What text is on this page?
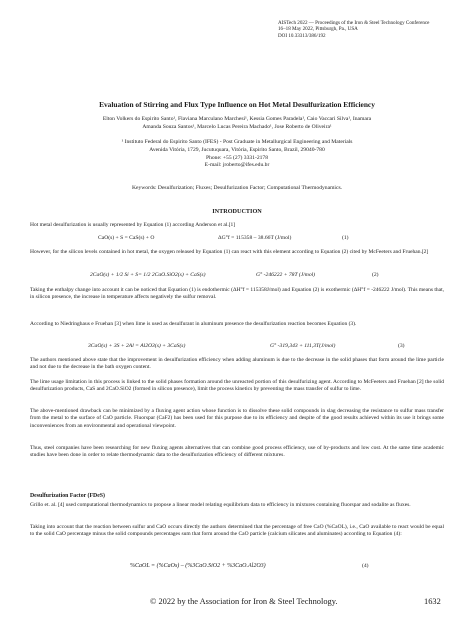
AISTech 2022 — Proceedings of the Iron & Steel Technology Conference
16–18 May 2022, Pittsburgh, Pa., USA
DOI 10.33313/386/192
Evaluation of Stirring and Flux Type Influence on Hot Metal Desulfurization Efficiency
Elton Volkers do Espirito Santo¹, Flaviana Marculano Marchesi¹, Kessia Gomes Paradela¹, Caio Vaccari Silva¹, Inamara
Amanda Souza Santos¹, Marcelo Lucas Pereira Machado¹, Jose Roberto de Oliveira¹
¹ Instituto Federal do Espirito Santo (IFES) - Post Graduate in Metallurgical Engineering and Materials
Avenida Vitória, 1729, Jucutuquara, Vitória, Espirito Santo, Brazil, 29040-780
Phone: +55 (27) 3331-2178
E-mail: jroberto@ifes.edu.br
Keywords: Desulfurization; Fluxes; Desulfurization Factor; Computational Thermodynamics.
INTRODUCTION
Hot metal desulfurization is usually represented by Equation (1) according Anderson et al.[1]
CaO(s) + S = CaS(s) + O	ΔG°f = 115358 – 38.66T (J/mol)	(1)
However, for the silicon levels contained in hot metal, the oxygen released by Equation (1) can react with this element according to Equation (2) cited by McFeeters and Fruehan.[2]
2CaO(s) + 1/2 Si + S= 1/2 2CaO.SiO2(s) + CaS(s)	G° -246222 + 78T (J/mol)	(2)
Taking the enthalpy change into account it can be noticed that Equation (1) is endothermic (ΔH°f = 115358J/mol) and Equation (2) is exothermic (ΔH°f = -246222 J/mol). This means that, in silicon presence, the increase in temperature affects negatively the sulfur removal.
According to Niedringhaus e Fruehan [3] when lime is used as desulfurant in aluminum presence the desulfurization reaction becomes Equation (3).
3CaO(s) + 3S + 2Al = Al2O3(s) + 3CaS(s)	G° -319,343 + 111,3T(J/mol)	(3)
The authors mentioned above state that the improvement in desulfurization efficiency when adding aluminum is due to the decrease in the solid phases that form around the lime particle and not due to the decrease in the bath oxygen content.
The lime usage limitation in this process is linked to the solid phases formation around the unreacted portion of this desulfurizing agent. According to McFeeters and Fruehan [2] the solid desulfurization products, CaS and 2CaO.SiO2 (formed in silicon presence), limit the process kinetics by preventing the mass transfer of sulfur to lime.
The above-mentioned drawback can be minimized by a fluxing agent action whose function is to dissolve these solid compounds in slag decreasing the resistance to sulfur mass transfer from the metal to the surface of CaO particle. Fluorspar (CaF2) has been used for this purpose due to its efficiency and despite of the good results achieved within its use it brings some inconveniences from an environmental and operational viewpoint.
Thus, steel companies have been researching for new fluxing agents alternatives that can combine good process efficiency, use of by-products and low cost. At the same time academic studies have been done in order to relate thermodynamic data to the desulfurization efficiency of different mixtures.
Desulfurization Factor (FDeS)
Grillo et. al. [4] used computational thermodynamics to propose a linear model relating equilibrium data to efficiency in mixtures containing fluorspar and sodalite as fluxes.
Taking into account that the reaction between sulfur and CaO occurs directly the authors determined that the percentage of free CaO (%CaOL), i.e., CaO available to react would be equal to the solid CaO percentage minus the solid compounds percentages sum that form around the CaO particle (calcium silicates and aluminates) according to Equation (4):
%CaOL = (%CaOs) – (%3CaO.SiO2 + %3CaO.Al2O3)	(4)
© 2022 by the Association for Iron & Steel Technology.	1632
